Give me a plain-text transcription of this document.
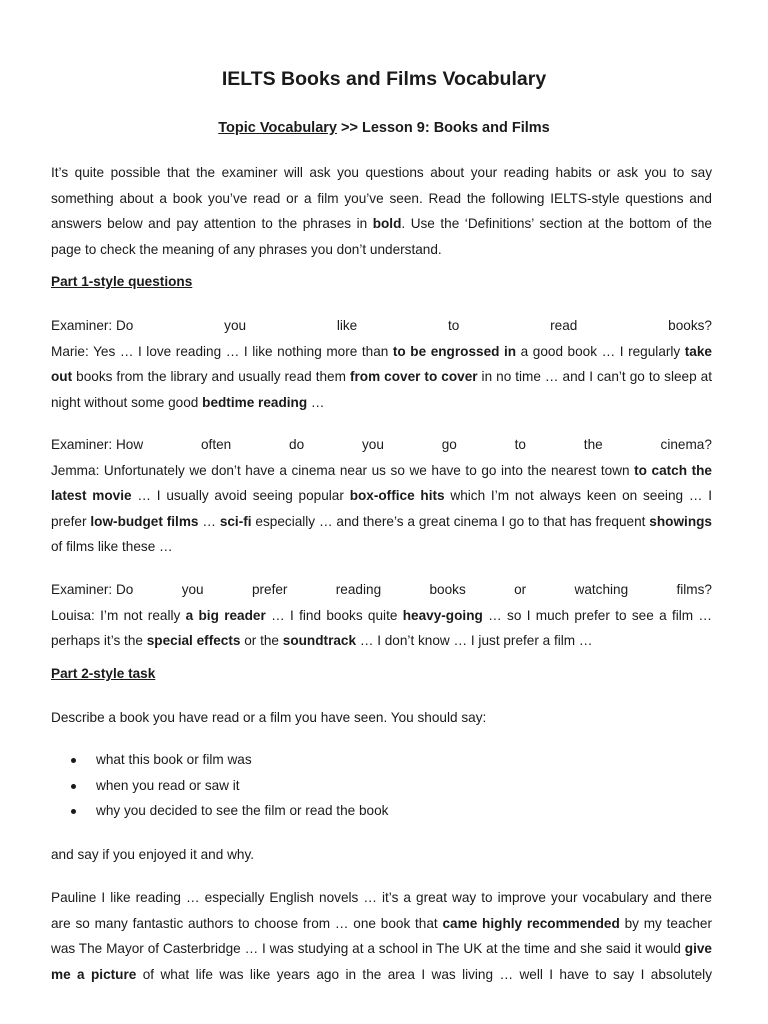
IELTS Books and Films Vocabulary

Topic Vocabulary >> Lesson 9: Books and Films

It’s quite possible that the examiner will ask you questions about your reading habits or ask you to say something about a book you’ve read or a film you’ve seen. Read the following IELTS-style questions and answers below and pay attention to the phrases in bold. Use the ‘Definitions’ section at the bottom of the page to check the meaning of any phrases you don’t understand.

Part 1-style questions

Examiner: Do	you	like	to	read	books?
Marie: Yes … I love reading … I like nothing more than to be engrossed in a good book … I regularly take out books from the library and usually read them from cover to cover in no time … and I can’t go to sleep at night without some good bedtime reading …
Examiner: How	often	do	you	go	to	the	cinema?
Jemma: Unfortunately we don’t have a cinema near us so we have to go into the nearest town to catch the latest movie … I usually avoid seeing popular box-office hits which I’m not always keen on seeing … I prefer low-budget films … sci-fi especially … and there’s a great cinema I go to that has frequent showings of films like these …
Examiner: Do	you	prefer	reading	books	or	watching	films?
Louisa: I’m not really a big reader … I find books quite heavy-going … so I much prefer to see a film … perhaps it’s the special effects or the soundtrack … I don’t know … I just prefer a film …

Part 2-style task

Describe a book you have read or a film you have seen. You should say:

what this book or film was
when you read or saw it
why you decided to see the film or read the book

and say if you enjoyed it and why.

Pauline I like reading … especially English novels … it’s a great way to improve your vocabulary and there are so many fantastic authors to choose from … one book that came highly recommended by my teacher was The Mayor of Casterbridge … I was studying at a school in The UK at the time and she said it would give me a picture of what life was like years ago in the area I was living … well I have to say I absolutely
